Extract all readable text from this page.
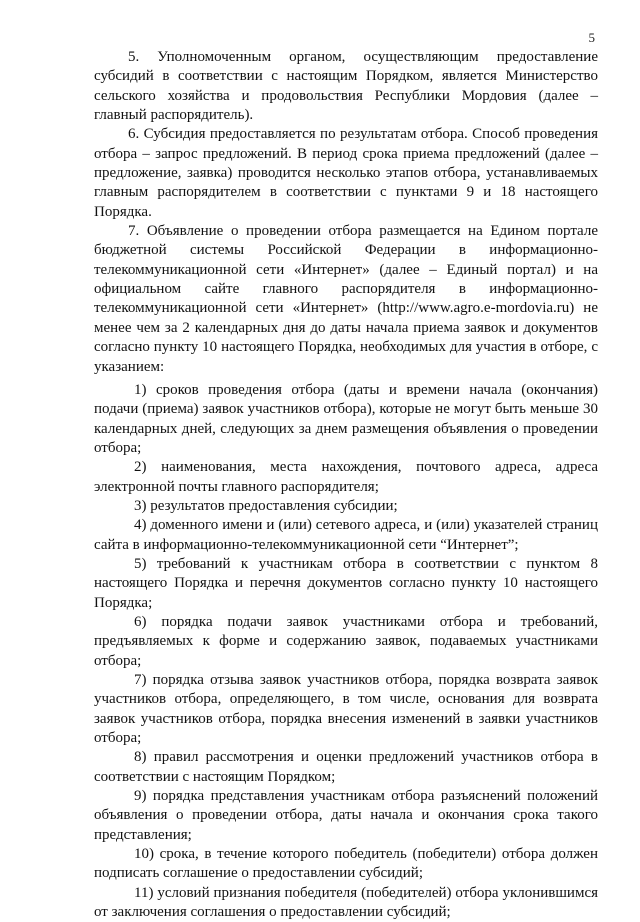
5

5. Уполномоченным органом, осуществляющим предоставление субсидий в соответствии с настоящим Порядком, является Министерство сельского хозяйства и продовольствия Республики Мордовия (далее – главный распорядитель).

6. Субсидия предоставляется по результатам отбора. Способ проведения отбора – запрос предложений. В период срока приема предложений (далее – предложение, заявка) проводится несколько этапов отбора, устанавливаемых главным распорядителем в соответствии с пунктами 9 и 18 настоящего Порядка.

7. Объявление о проведении отбора размещается на Едином портале бюджетной системы Российской Федерации в информационно-телекоммуникационной сети «Интернет» (далее – Единый портал) и на официальном сайте главного распорядителя в информационно-телекоммуникационной сети «Интернет» (http://www.agro.e-mordovia.ru) не менее чем за 2 календарных дня до даты начала приема заявок и документов согласно пункту 10 настоящего Порядка, необходимых для участия в отборе, с указанием:

1) сроков проведения отбора (даты и времени начала (окончания) подачи (приема) заявок участников отбора), которые не могут быть меньше 30 календарных дней, следующих за днем размещения объявления о проведении отбора;

2) наименования, места нахождения, почтового адреса, адреса электронной почты главного распорядителя;

3) результатов предоставления субсидии;

4) доменного имени и (или) сетевого адреса, и (или) указателей страниц сайта в информационно-телекоммуникационной сети “Интернет”;

5) требований к участникам отбора в соответствии с пунктом 8 настоящего Порядка и перечня документов согласно пункту 10 настоящего Порядка;

6) порядка подачи заявок участниками отбора и требований, предъявляемых к форме и содержанию заявок, подаваемых участниками отбора;

7) порядка отзыва заявок участников отбора, порядка возврата заявок участников отбора, определяющего, в том числе, основания для возврата заявок участников отбора, порядка внесения изменений в заявки участников отбора;

8) правил рассмотрения и оценки предложений участников отбора в соответствии с настоящим Порядком;

9) порядка представления участникам отбора разъяснений положений объявления о проведении отбора, даты начала и окончания срока такого представления;

10) срока, в течение которого победитель (победители) отбора должен подписать соглашение о предоставлении субсидий;

11) условий признания победителя (победителей) отбора уклонившимся от заключения соглашения о предоставлении субсидий;
